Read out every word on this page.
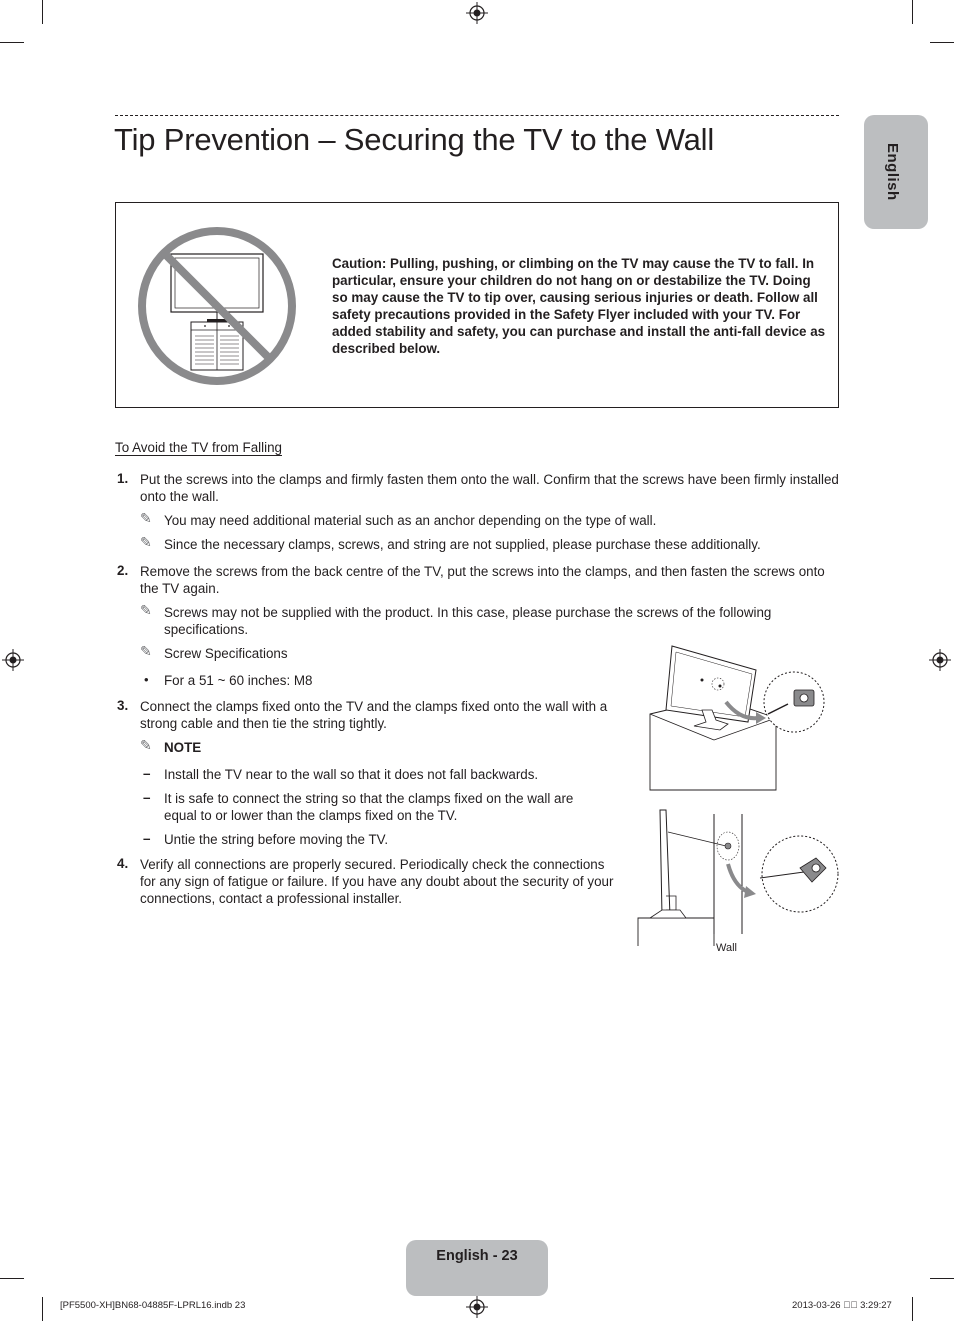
Tip Prevention – Securing the TV to the Wall
English
Caution: Pulling, pushing, or climbing on the TV may cause the TV to fall. In particular, ensure your children do not hang on or destabilize the TV. Doing so may cause the TV to tip over, causing serious injuries or death. Follow all safety precautions provided in the Safety Flyer included with your TV. For added stability and safety, you can purchase and install the anti-fall device as described below.
To Avoid the TV from Falling
1. Put the screws into the clamps and firmly fasten them onto the wall. Confirm that the screws have been firmly installed onto the wall.
✎ You may need additional material such as an anchor depending on the type of wall.
✎ Since the necessary clamps, screws, and string are not supplied, please purchase these additionally.
2. Remove the screws from the back centre of the TV, put the screws into the clamps, and then fasten the screws onto the TV again.
✎ Screws may not be supplied with the product. In this case, please purchase the screws of the following specifications.
✎ Screw Specifications
• For a 51 ~ 60 inches: M8
3. Connect the clamps fixed onto the TV and the clamps fixed onto the wall with a strong cable and then tie the string tightly.
✎ NOTE
– Install the TV near to the wall so that it does not fall backwards.
– It is safe to connect the string so that the clamps fixed on the wall are equal to or lower than the clamps fixed on the TV.
– Untie the string before moving the TV.
4. Verify all connections are properly secured. Periodically check the connections for any sign of fatigue or failure. If you have any doubt about the security of your connections, contact a professional installer.
Wall
English - 23
[PF5500-XH]BN68-04885F-LPRL16.indb 23	2013-03-26 ￿￿ 3:29:27
